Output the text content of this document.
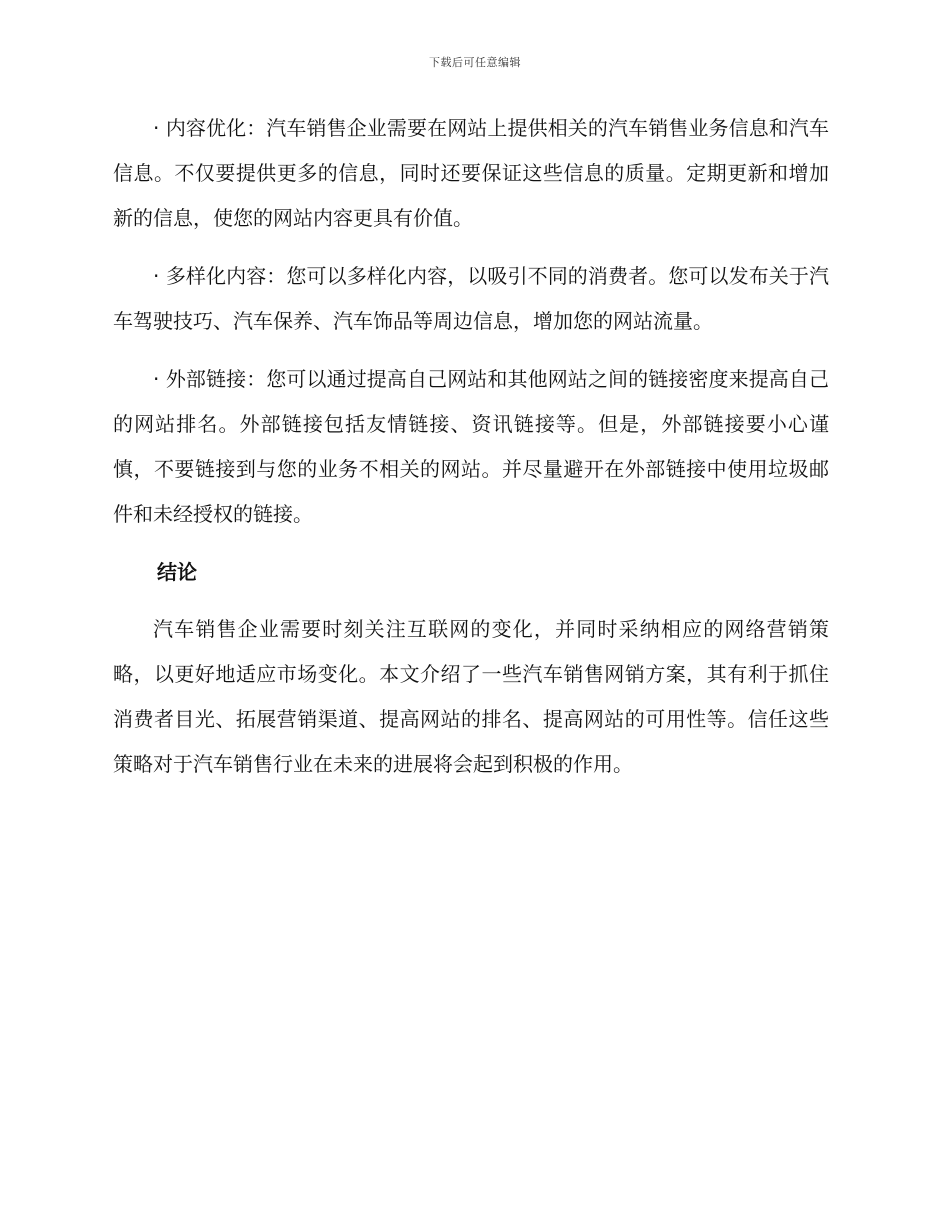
下载后可任意编辑

· 内容优化：汽车销售企业需要在网站上提供相关的汽车销售业务信息和汽车信息。不仅要提供更多的信息，同时还要保证这些信息的质量。定期更新和增加新的信息，使您的网站内容更具有价值。

· 多样化内容：您可以多样化内容，以吸引不同的消费者。您可以发布关于汽车驾驶技巧、汽车保养、汽车饰品等周边信息，增加您的网站流量。

· 外部链接：您可以通过提高自己网站和其他网站之间的链接密度来提高自己的网站排名。外部链接包括友情链接、资讯链接等。但是，外部链接要小心谨慎，不要链接到与您的业务不相关的网站。并尽量避开在外部链接中使用垃圾邮件和未经授权的链接。

结论

汽车销售企业需要时刻关注互联网的变化，并同时采纳相应的网络营销策略，以更好地适应市场变化。本文介绍了一些汽车销售网销方案，其有利于抓住消费者目光、拓展营销渠道、提高网站的排名、提高网站的可用性等。信任这些策略对于汽车销售行业在未来的进展将会起到积极的作用。
